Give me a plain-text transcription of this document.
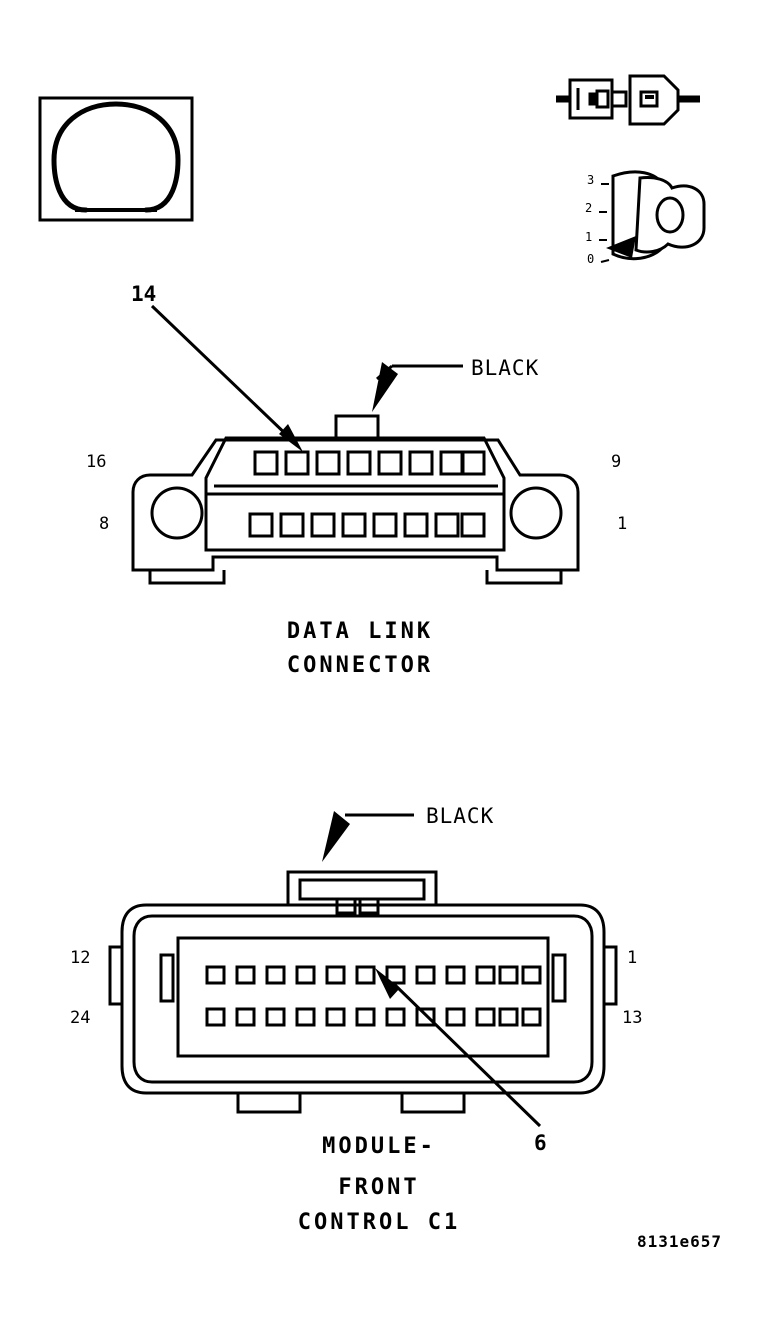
3
2
1
0
14
BLACK
16	9
8	1
DATA LINK
CONNECTOR
BLACK
12	1
24	13
6
MODULE-
FRONT
CONTROL C1
8131e657
